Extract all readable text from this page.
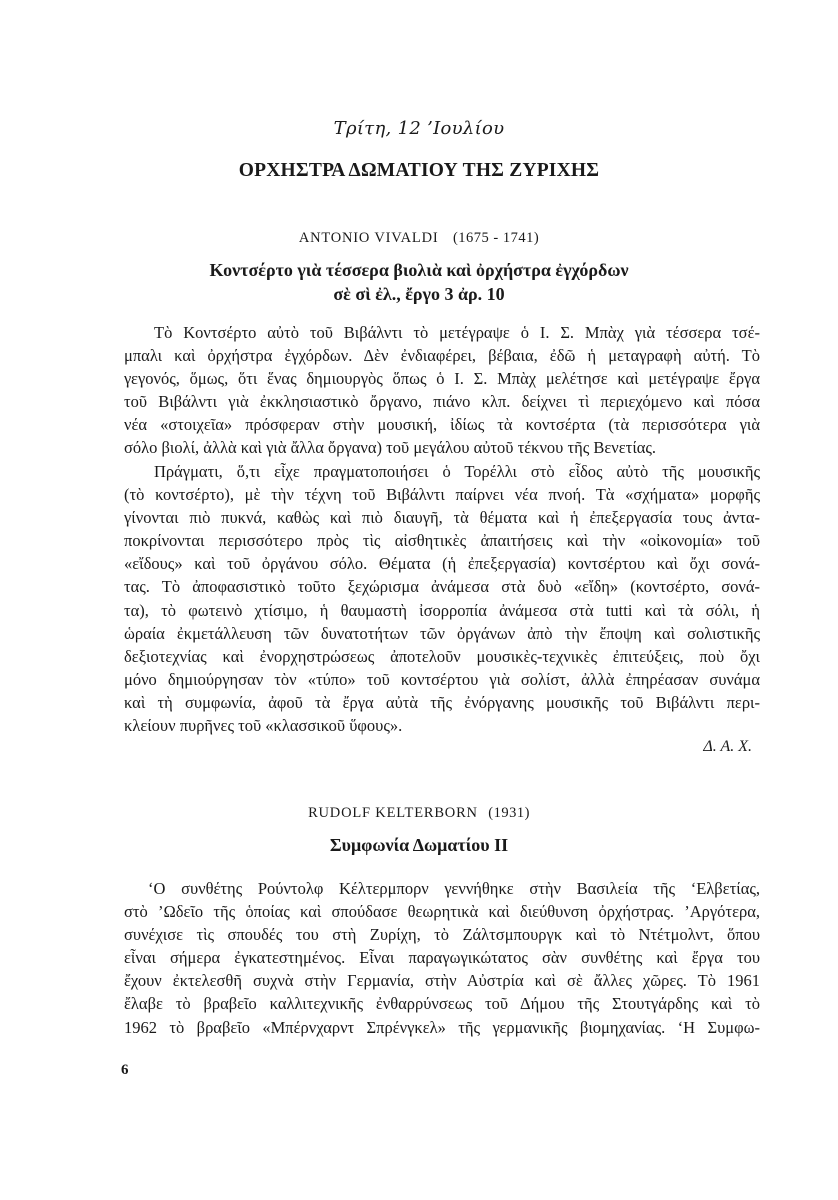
Τρίτη, 12 ’Ιουλίου
ΟΡΧΗΣΤΡΑ ΔΩΜΑΤΙΟΥ ΤΗΣ ΖΥΡΙΧΗΣ
ANTONIO VIVALDI (1675 - 1741)
Κοντσέρτο γιὰ τέσσερα βιολιὰ καὶ ὀρχήστρα ἐγχόρδων
σὲ σὶ ἐλ., ἔργο 3 ἀρ. 10
Τὸ Κοντσέρτο αὐτὸ τοῦ Βιβάλντι τὸ μετέγραψε ὁ Ι. Σ. Μπὰχ γιὰ τέσσερα τσέ-
μπαλι καὶ ὀρχήστρα ἐγχόρδων. Δὲν ἐνδιαφέρει, βέβαια, ἐδῶ ἡ μεταγραφὴ αὐτή. Τὸ
γεγονός, ὅμως, ὅτι ἕνας δημιουργὸς ὅπως ὁ Ι. Σ. Μπὰχ μελέτησε καὶ μετέγραψε ἔργα
τοῦ Βιβάλντι γιὰ ἐκκλησιαστικὸ ὄργανο, πιάνο κλπ. δείχνει τὶ περιεχόμενο καὶ πόσα
νέα «στοιχεῖα» πρόσφεραν στὴν μουσική, ἰδίως τὰ κοντσέρτα (τὰ περισσότερα γιὰ
σόλο βιολί, ἀλλὰ καὶ γιὰ ἄλλα ὄργανα) τοῦ μεγάλου αὐτοῦ τέκνου τῆς Βενετίας.
Πράγματι, ὅ,τι εἶχε πραγματοποιήσει ὁ Τορέλλι στὸ εἶδος αὐτὸ τῆς μουσικῆς
(τὸ κοντσέρτο), μὲ τὴν τέχνη τοῦ Βιβάλντι παίρνει νέα πνοή. Τὰ «σχήματα» μορφῆς
γίνονται πιὸ πυκνά, καθὼς καὶ πιὸ διαυγῆ, τὰ θέματα καὶ ἡ ἐπεξεργασία τους ἀντα-
ποκρίνονται περισσότερο πρὸς τὶς αἰσθητικὲς ἀπαιτήσεις καὶ τὴν «οἰκονομία» τοῦ
«εἴδους» καὶ τοῦ ὀργάνου σόλο. Θέματα (ἡ ἐπεξεργασία) κοντσέρτου καὶ ὄχι σονά-
τας. Τὸ ἀποφασιστικὸ τοῦτο ξεχώρισμα ἀνάμεσα στὰ δυὸ «εἴδη» (κοντσέρτο, σονά-
τα), τὸ φωτεινὸ χτίσιμο, ἡ θαυμαστὴ ἰσορροπία ἀνάμεσα στὰ tutti καὶ τὰ σόλι, ἡ
ὡραία ἐκμετάλλευση τῶν δυνατοτήτων τῶν ὀργάνων ἀπὸ τὴν ἔποψη καὶ σολιστικῆς
δεξιοτεχνίας καὶ ἐνορχηστρώσεως ἀποτελοῦν μουσικὲς-τεχνικὲς ἐπιτεύξεις, ποὺ ὄχι
μόνο δημιούργησαν τὸν «τύπο» τοῦ κοντσέρτου γιὰ σολίστ, ἀλλὰ ἐπηρέασαν συνάμα
καὶ τὴ συμφωνία, ἀφοῦ τὰ ἔργα αὐτὰ τῆς ἐνόργανης μουσικῆς τοῦ Βιβάλντι περι-
κλείουν πυρῆνες τοῦ «κλασσικοῦ ὕφους».
Δ. Α. Χ.
RUDOLF KELTERBORN (1931)
Συμφωνία Δωματίου ΙΙ
‘Ο συνθέτης Ρούντολφ Κέλτερμπορν γεννήθηκε στὴν Βασιλεία τῆς ‘Ελβετίας,
στὸ ’Ωδεῖο τῆς ὁποίας καὶ σπούδασε θεωρητικὰ καὶ διεύθυνση ὀρχήστρας. ’Αργότερα,
συνέχισε τὶς σπουδές του στὴ Ζυρίχη, τὸ Ζάλτσμπουργκ καὶ τὸ Ντέτμολντ, ὅπου
εἶναι σήμερα ἐγκατεστημένος. Εἶναι παραγωγικώτατος σὰν συνθέτης καὶ ἔργα του
ἔχουν ἐκτελεσθῆ συχνὰ στὴν Γερμανία, στὴν Αὐστρία καὶ σὲ ἄλλες χῶρες. Τὸ 1961
ἔλαβε τὸ βραβεῖο καλλιτεχνικῆς ἐνθαρρύνσεως τοῦ Δήμου τῆς Στουτγάρδης καὶ τὸ
1962 τὸ βραβεῖο «Μπέρνχαρντ Σπρένγκελ» τῆς γερμανικῆς βιομηχανίας. ‘Η Συμφω-
6
